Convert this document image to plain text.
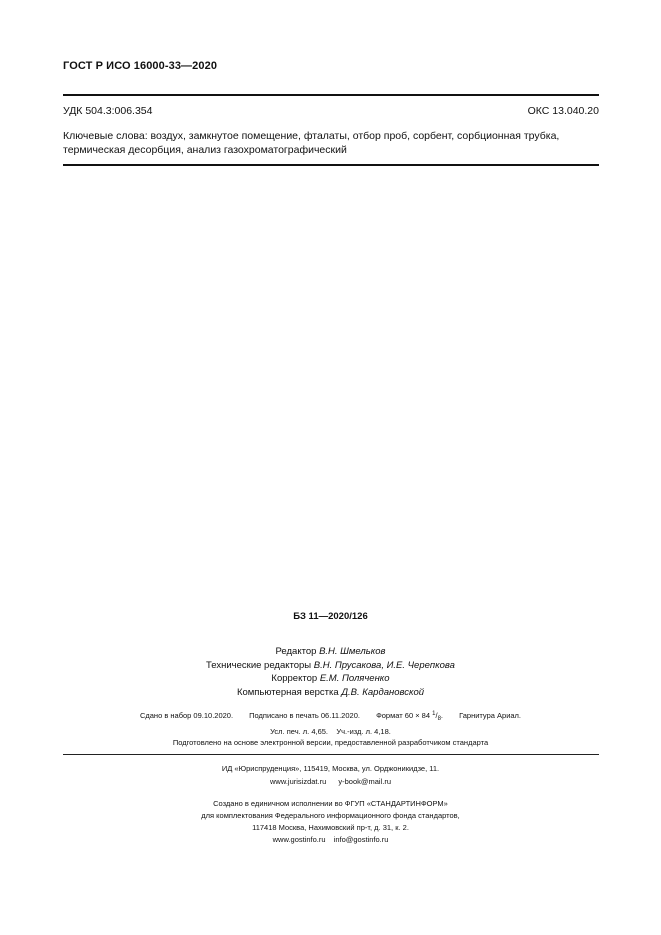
ГОСТ Р ИСО 16000-33—2020
УДК 504.3:006.354	ОКС 13.040.20
Ключевые слова: воздух, замкнутое помещение, фталаты, отбор проб, сорбент, сорбционная трубка, термическая десорбция, анализ газохроматографический
БЗ 11—2020/126
Редактор В.Н. Шмельков
Технические редакторы В.Н. Прусакова, И.Е. Черепкова
Корректор Е.М. Поляченко
Компьютерная верстка Д.В. Кардановской
Сдано в набор 09.10.2020. Подписано в печать 06.11.2020. Формат 60 × 84 $^1/_8$. Гарнитура Ариал.
Усл. печ. л. 4,65. Уч.-изд. л. 4,18.
Подготовлено на основе электронной версии, предоставленной разработчиком стандарта
ИД «Юриспруденция», 115419, Москва, ул. Орджоникидзе, 11.
www.jurisizdat.ru y-book@mail.ru
Создано в единичном исполнении во ФГУП «СТАНДАРТИНФОРМ»
для комплектования Федерального информационного фонда стандартов,
117418 Москва, Нахимовский пр-т, д. 31, к. 2.
www.gostinfo.ru info@gostinfo.ru
